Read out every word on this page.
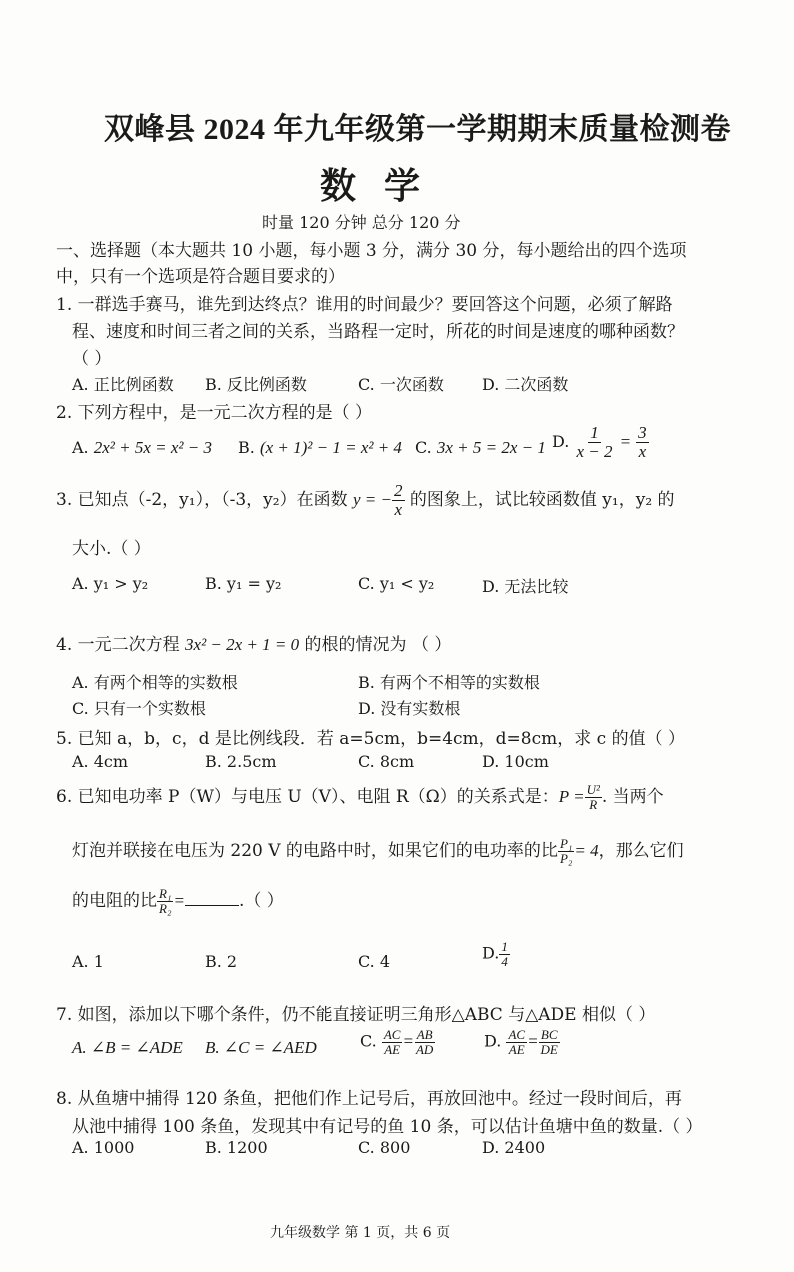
双峰县 2024 年九年级第一学期期末质量检测卷
数学
时量 120 分钟 总分 120 分
一、选择题（本大题共 10 小题，每小题 3 分，满分 30 分，每小题给出的四个选项
中，只有一个选项是符合题目要求的）
1. 一群选手赛马，谁先到达终点？谁用的时间最少？要回答这个问题，必须了解路
程、速度和时间三者之间的关系，当路程一定时，所花的时间是速度的哪种函数？
（ ）
A. 正比例函数 B. 反比例函数	C. 一次函数 D. 二次函数
2. 下列方程中，是一元二次方程的是（ ）
A. 2x² + 5x = x² − 3 B. (x + 1)² − 1 = x² + 4 C. 3x + 5 = 2x − 1 D. $\frac{1}{x - 2} = \frac{3}{x}$
3. 已知点（-2，y₁），（-3，y₂）在函数 y = − $\frac{2}{x}$ 的图象上，试比较函数值 y₁，y₂ 的
大小.（ ）
A. y₁ > y₂	B. y₁ = y₂	C. y₁ < y₂	D. 无法比较
4. 一元二次方程 3x² − 2x + 1 = 0 的根的情况为 （ ）
A. 有两个相等的实数根	B. 有两个不相等的实数根
C. 只有一个实数根	D. 没有实数根
5. 已知 a，b，c，d 是比例线段．若 a=5cm，b=4cm，d=8cm，求 c 的值（ ）
A. 4cm	B. 2.5cm	C. 8cm	D. 10cm
6. 已知电功率 P（W）与电压 U（V）、电阻 R（Ω）的关系式是：$P = \frac{\text{U²}}{R}$ . 当两个
灯泡并联接在电压为 220 V 的电路中时，如果它们的电功率的比 $\frac{\text{P₁}}{\text{P₂}} = 4$，那么它们
的电阻的比 $\frac{\text{R₁}}{\text{R₂}}$ =	.（ ）
A. 1	B. 2	C. 4	D. $\frac{1}{4}$
7. 如图，添加以下哪个条件，仍不能直接证明三角形△ABC 与△ADE 相似（ ）
A. ∠B = ∠ADE B. ∠C = ∠AED	C. $\frac{AC}{AE} = \frac{AB}{AD}$	D. $\frac{AC}{AE} = \frac{BC}{DE}$
8. 从鱼塘中捕得 120 条鱼，把他们作上记号后，再放回池中。经过一段时间后，再
从池中捕得 100 条鱼，发现其中有记号的鱼 10 条，可以估计鱼塘中鱼的数量.（ ）
A. 1000	B. 1200	C. 800	D. 2400
九年级数学 第 1 页，共 6 页
